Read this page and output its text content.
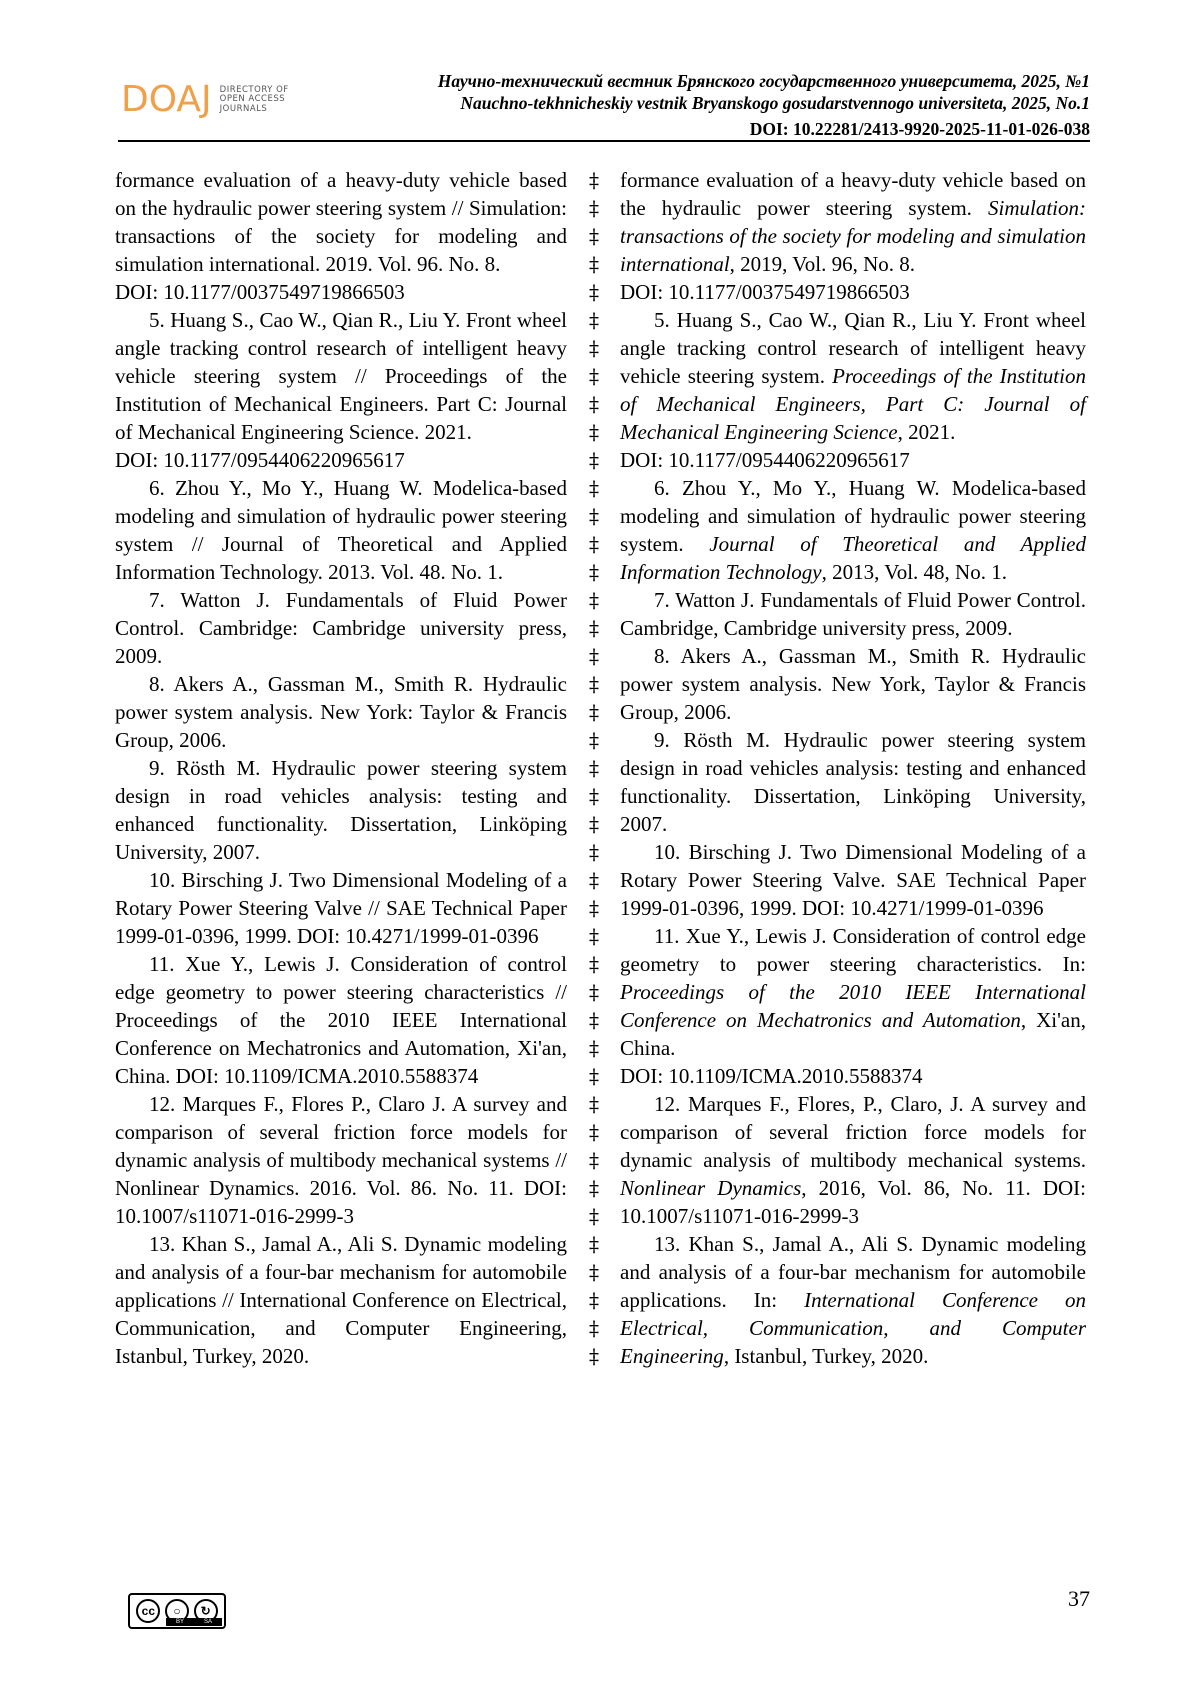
DOAJ DIRECTORY OF
OPEN ACCESS
JOURNALS
Научно-технический вестник Брянского государственного университета, 2025, №1
Nauchno-tekhnicheskiy vestnik Bryanskogo gosudarstvennogo universiteta, 2025, No.1
DOI: 10.22281/2413-9920-2025-11-01-026-038

formance evaluation of a heavy-duty vehicle based on the hydraulic power steering system // Simulation: transactions of the society for modeling and simulation international. 2019. Vol. 96. No. 8.

DOI: 10.1177/0037549719866503

5. Huang S., Cao W., Qian R., Liu Y. Front wheel angle tracking control research of intelligent heavy vehicle steering system // Proceedings of the Institution of Mechanical Engineers. Part C: Journal of Mechanical Engineering Science. 2021.

DOI: 10.1177/0954406220965617

6. Zhou Y., Mo Y., Huang W. Modelica-based modeling and simulation of hydraulic power steering system // Journal of Theoretical and Applied Information Technology. 2013. Vol. 48. No. 1.

7. Watton J. Fundamentals of Fluid Power Control. Cambridge: Cambridge university press, 2009.

8. Akers A., Gassman M., Smith R. Hydraulic power system analysis. New York: Taylor & Francis Group, 2006.

9. Rösth M. Hydraulic power steering system design in road vehicles analysis: testing and enhanced functionality. Dissertation, Linköping University, 2007.

10. Birsching J. Two Dimensional Modeling of a Rotary Power Steering Valve // SAE Technical Paper 1999-01-0396, 1999. DOI: 10.4271/1999-01-0396

11. Xue Y., Lewis J. Consideration of control edge geometry to power steering characteristics // Proceedings of the 2010 IEEE International Conference on Mechatronics and Automation, Xi'an, China. DOI: 10.1109/ICMA.2010.5588374

12. Marques F., Flores P., Claro J. A survey and comparison of several friction force models for dynamic analysis of multibody mechanical systems // Nonlinear Dynamics. 2016. Vol. 86. No. 11. DOI: 10.1007/s11071-016-2999-3

13. Khan S., Jamal A., Ali S. Dynamic modeling and analysis of a four-bar mechanism for automobile applications // International Conference on Electrical, Communication, and Computer Engineering, Istanbul, Turkey, 2020.

‡
‡
‡
‡
‡
‡
‡
‡
‡
‡
‡
‡
‡
‡
‡
‡
‡
‡
‡
‡
‡
‡
‡
‡
‡
‡
‡
‡
‡
‡
‡
‡
‡
‡
‡
‡
‡
‡
‡
‡
‡
‡
‡

formance evaluation of a heavy-duty vehicle based on the hydraulic power steering system. Simulation: transactions of the society for modeling and simulation international, 2019, Vol. 96, No. 8.

DOI: 10.1177/0037549719866503

5. Huang S., Cao W., Qian R., Liu Y. Front wheel angle tracking control research of intelligent heavy vehicle steering system. Proceedings of the Institution of Mechanical Engineers, Part C: Journal of Mechanical Engineering Science, 2021.

DOI: 10.1177/0954406220965617

6. Zhou Y., Mo Y., Huang W. Modelica-based modeling and simulation of hydraulic power steering system. Journal of Theoretical and Applied Information Technology, 2013, Vol. 48, No. 1.

7. Watton J. Fundamentals of Fluid Power Control. Cambridge, Cambridge university press, 2009.

8. Akers A., Gassman M., Smith R. Hydraulic power system analysis. New York, Taylor & Francis Group, 2006.

9. Rösth M. Hydraulic power steering system design in road vehicles analysis: testing and enhanced functionality. Dissertation, Linköping University, 2007.

10. Birsching J. Two Dimensional Modeling of a Rotary Power Steering Valve. SAE Technical Paper 1999-01-0396, 1999. DOI: 10.4271/1999-01-0396

11. Xue Y., Lewis J. Consideration of control edge geometry to power steering characteristics. In: Proceedings of the 2010 IEEE International Conference on Mechatronics and Automation, Xi'an, China.

DOI: 10.1109/ICMA.2010.5588374

12. Marques F., Flores, P., Claro, J. A survey and comparison of several friction force models for dynamic analysis of multibody mechanical systems. Nonlinear Dynamics, 2016, Vol. 86, No. 11. DOI: 10.1007/s11071-016-2999-3

13. Khan S., Jamal A., Ali S. Dynamic modeling and analysis of a four-bar mechanism for automobile applications. In: International Conference on Electrical, Communication, and Computer Engineering, Istanbul, Turkey, 2020.

cc	○	↻
BY	SA
37
